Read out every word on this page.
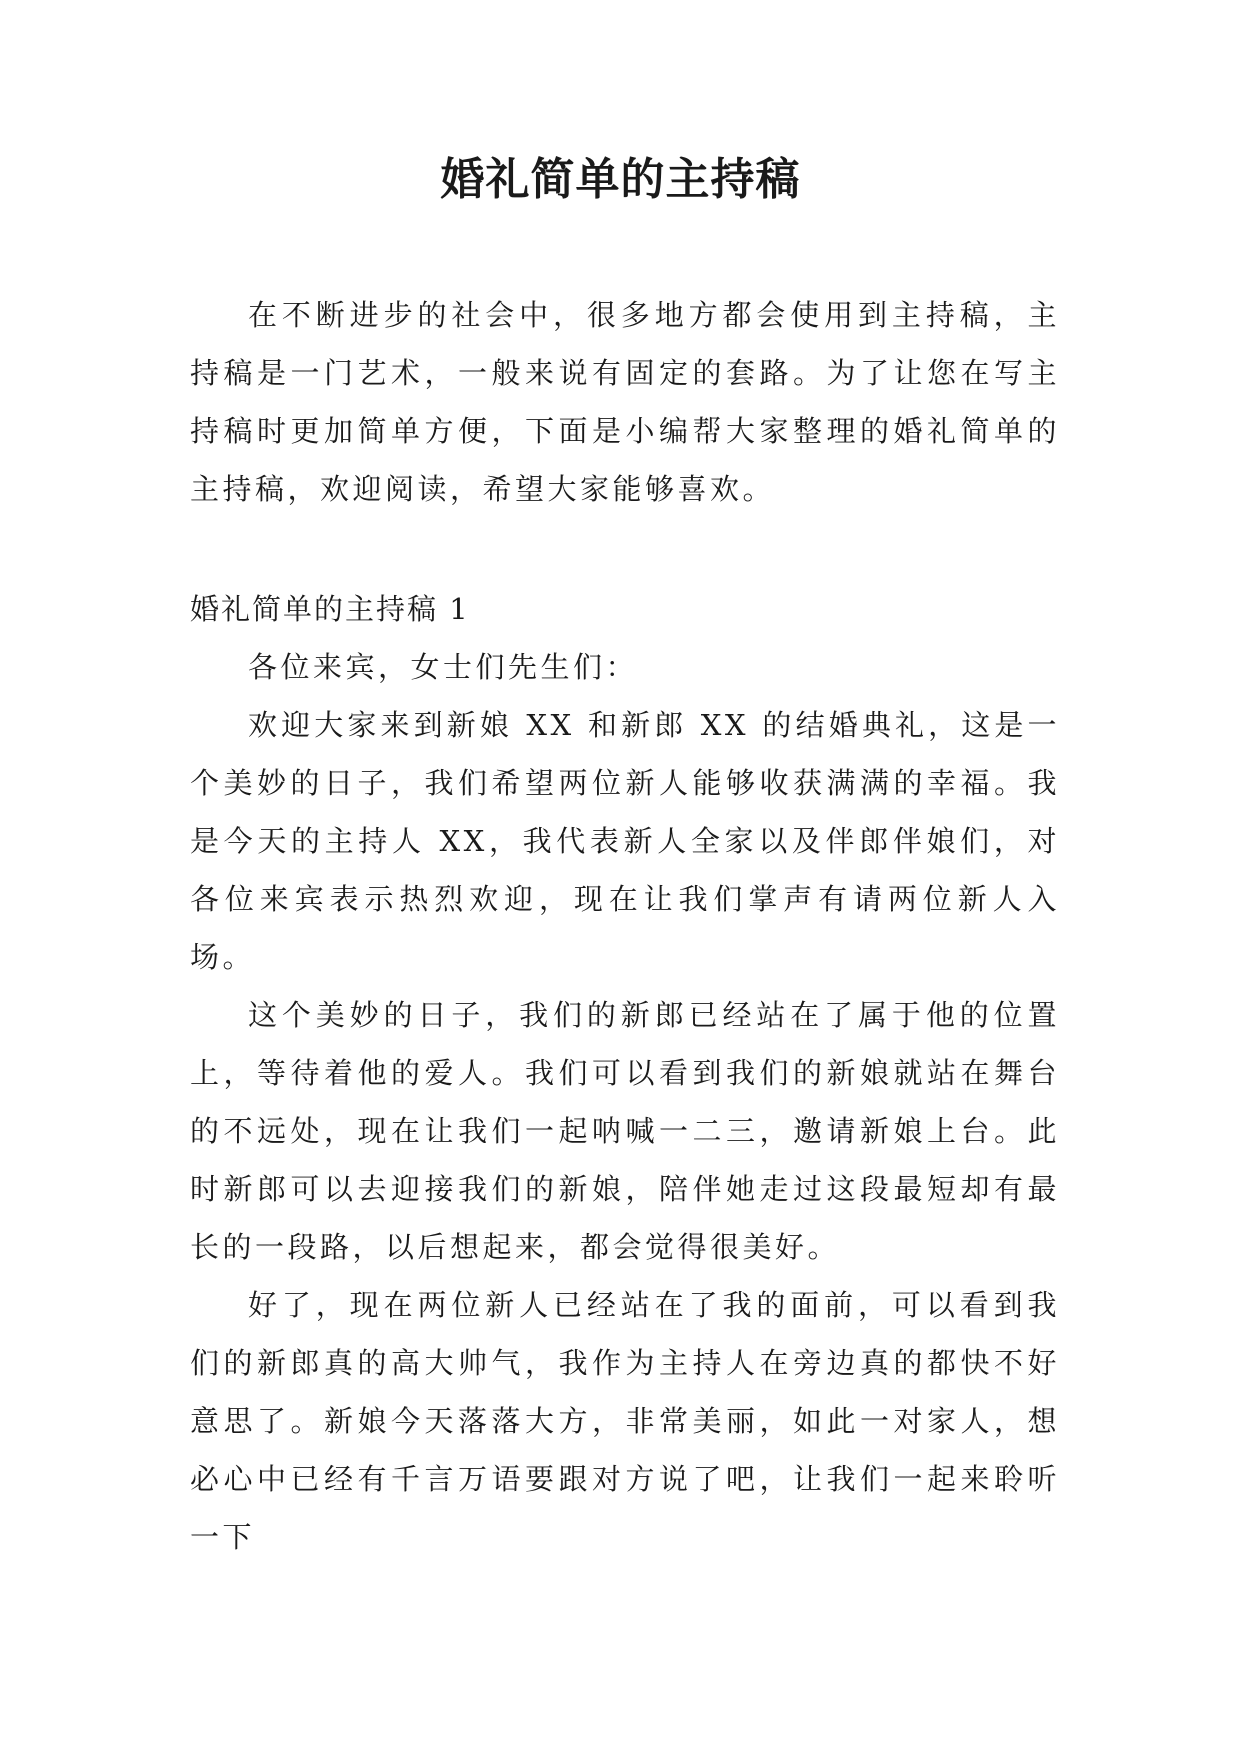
婚礼简单的主持稿

在不断进步的社会中，很多地方都会使用到主持稿，主持稿是一门艺术，一般来说有固定的套路。为了让您在写主持稿时更加简单方便，下面是小编帮大家整理的婚礼简单的主持稿，欢迎阅读，希望大家能够喜欢。

婚礼简单的主持稿 1

各位来宾，女士们先生们：

欢迎大家来到新娘 XX 和新郎 XX 的结婚典礼，这是一个美妙的日子，我们希望两位新人能够收获满满的幸福。我是今天的主持人 XX，我代表新人全家以及伴郎伴娘们，对各位来宾表示热烈欢迎，现在让我们掌声有请两位新人入场。

这个美妙的日子，我们的新郎已经站在了属于他的位置上，等待着他的爱人。我们可以看到我们的新娘就站在舞台的不远处，现在让我们一起呐喊一二三，邀请新娘上台。此时新郎可以去迎接我们的新娘，陪伴她走过这段最短却有最长的一段路，以后想起来，都会觉得很美好。

好了，现在两位新人已经站在了我的面前，可以看到我们的新郎真的高大帅气，我作为主持人在旁边真的都快不好意思了。新娘今天落落大方，非常美丽，如此一对家人，想必心中已经有千言万语要跟对方说了吧，让我们一起来聆听一下
